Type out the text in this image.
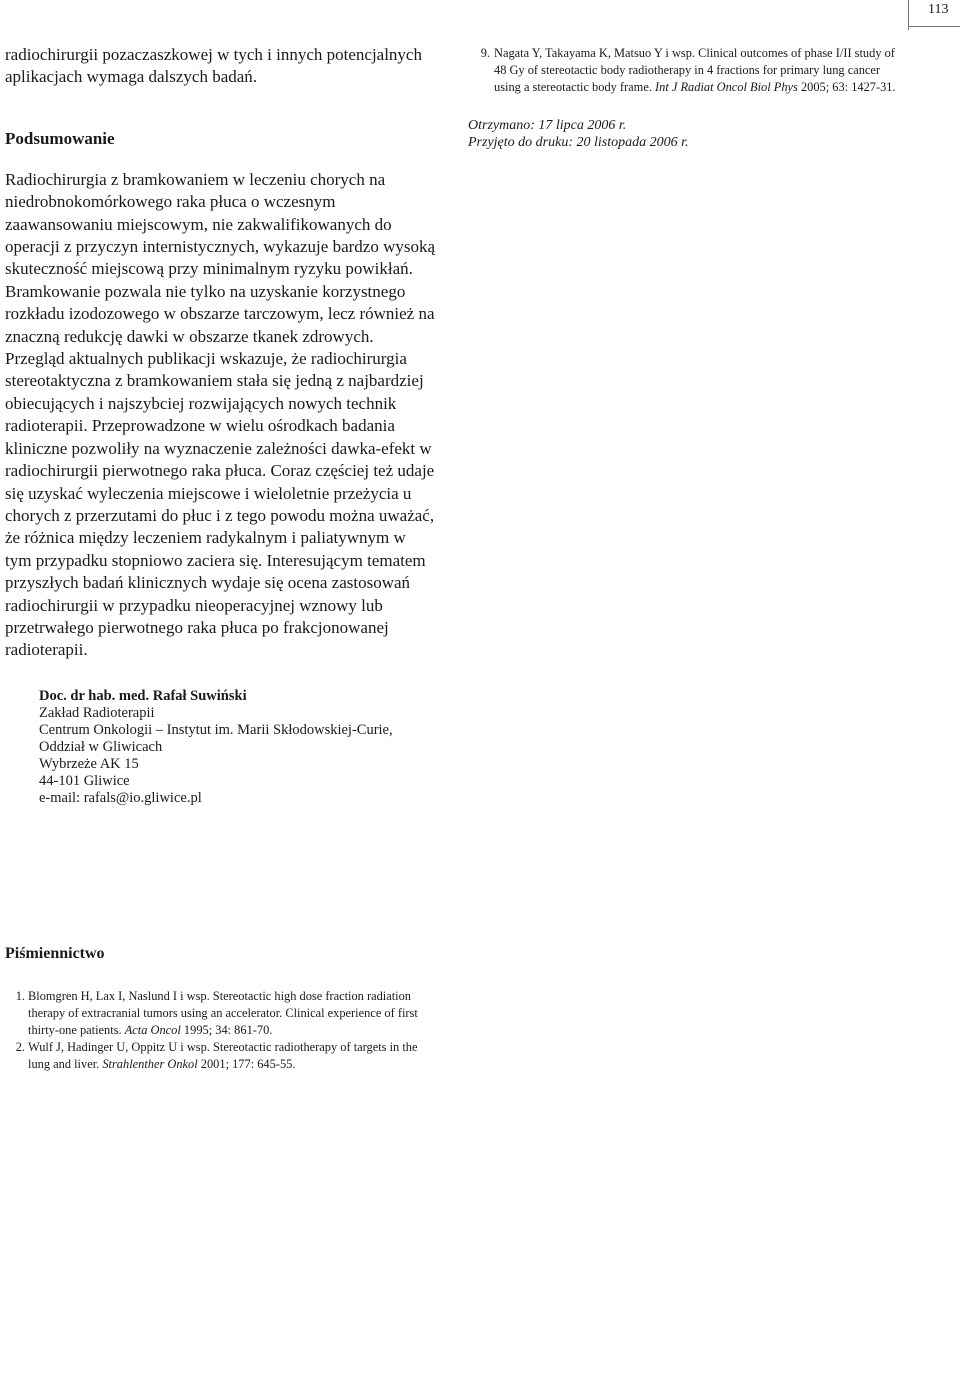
113

radiochirurgii pozaczaszkowej w tych i innych potencjalnych aplikacjach wymaga dalszych badań.

Podsumowanie

Radiochirurgia z bramkowaniem w leczeniu chorych na niedrobnokomórkowego raka płuca o wczesnym zaawansowaniu miejscowym, nie zakwalifikowanych do operacji z przyczyn internistycznych, wykazuje bardzo wysoką skuteczność miejscową przy minimalnym ryzyku powikłań. Bramkowanie pozwala nie tylko na uzyskanie korzystnego rozkładu izodozowego w obszarze tarczowym, lecz również na znaczną redukcję dawki w obszarze tkanek zdrowych. Przegląd aktualnych publikacji wskazuje, że radiochirurgia stereotaktyczna z bramkowaniem stała się jedną z najbardziej obiecujących i najszybciej rozwijających nowych technik radioterapii. Przeprowadzone w wielu ośrodkach badania kliniczne pozwoliły na wyznaczenie zależności dawka-efekt w radiochirurgii pierwotnego raka płuca. Coraz częściej też udaje się uzyskać wyleczenia miejscowe i wieloletnie przeżycia u chorych z przerzutami do płuc i z tego powodu można uważać, że różnica między leczeniem radykalnym i paliatywnym w tym przypadku stopniowo zaciera się. Interesującym tematem przyszłych badań klinicznych wydaje się ocena zastosowań radiochirurgii w przypadku nieoperacyjnej wznowy lub przetrwałego pierwotnego raka płuca po frakcjonowanej radioterapii.

Doc. dr hab. med. Rafał Suwiński
Zakład Radioterapii
Centrum Onkologii – Instytut im. Marii Skłodowskiej-Curie,
Oddział w Gliwicach
Wybrzeże AK 15
44-101 Gliwice
e-mail: rafals@io.gliwice.pl
Piśmiennictwo
1. Blomgren H, Lax I, Naslund I i wsp. Stereotactic high dose fraction radiation therapy of extracranial tumors using an accelerator. Clinical experience of first thirty-one patients. Acta Oncol 1995; 34: 861-70.
2. Wulf J, Hadinger U, Oppitz U i wsp. Stereotactic radiotherapy of targets in the lung and liver. Strahlenther Onkol 2001; 177: 645-55.
9. Nagata Y, Takayama K, Matsuo Y i wsp. Clinical outcomes of phase I/II study of 48 Gy of stereotactic body radiotherapy in 4 fractions for primary lung cancer using a stereotactic body frame. Int J Radiat Oncol Biol Phys 2005; 63: 1427-31.
Otrzymano: 17 lipca 2006 r.
Przyjęto do druku: 20 listopada 2006 r.
